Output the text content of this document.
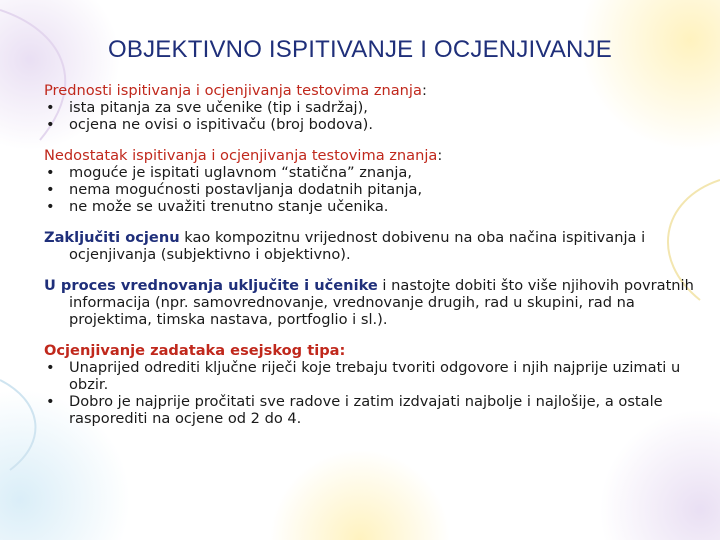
OBJEKTIVNO ISPITIVANJE I OCJENJIVANJE

Prednosti ispitivanja i ocjenjivanja testovima znanja:

• ista pitanja za sve učenike (tip i sadržaj),
• ocjena ne ovisi o ispitivaču (broj bodova).

Nedostatak ispitivanja i ocjenjivanja testovima znanja:

• moguće je ispitati uglavnom “statična” znanja,
• nema mogućnosti postavljanja dodatnih pitanja,
• ne može se uvažiti trenutno stanje učenika.

Zaključiti ocjenu kao kompozitnu vrijednost dobivenu na oba načina ispitivanja i ocjenjivanja (subjektivno i objektivno).

U proces vrednovanja uključite i učenike i nastojte dobiti što više njihovih povratnih informacija (npr. samovrednovanje, vrednovanje drugih, rad u skupini, rad na projektima, timska nastava, portfoglio i sl.).

Ocjenjivanje zadataka esejskog tipa:

• Unaprijed odrediti ključne riječi koje trebaju tvoriti odgovore i njih najprije uzimati u obzir.
• Dobro je najprije pročitati sve radove i zatim izdvajati najbolje i najlošije, a ostale rasporediti na ocjene od 2 do 4.
